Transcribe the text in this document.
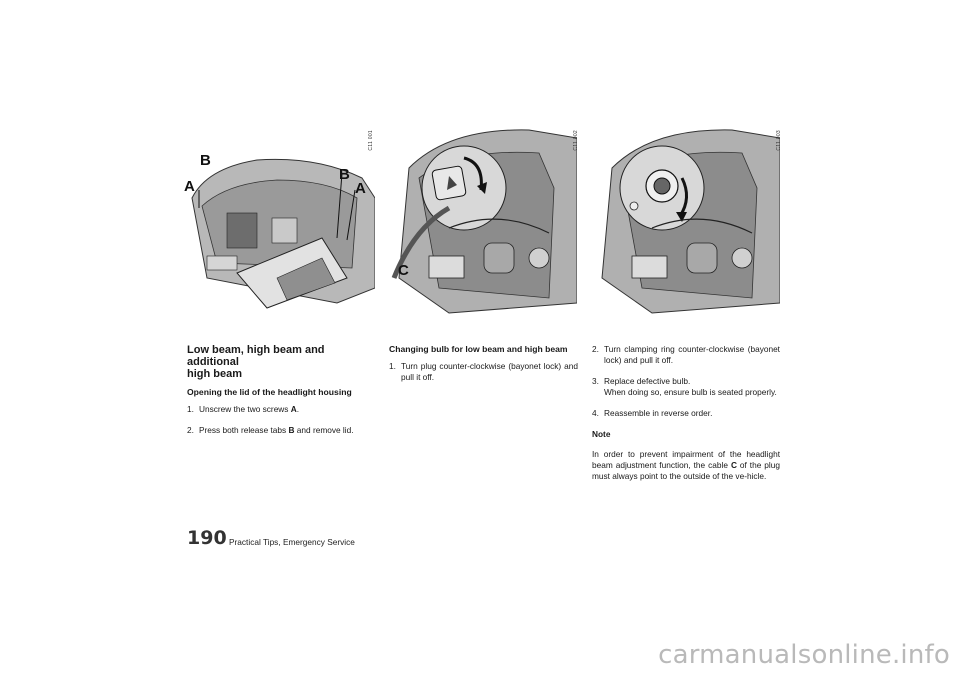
C11 001
B
A
B
A
C11 002
C
C11 003
Low beam, high beam and additional
high beam
Opening the lid of the headlight housing
1. Unscrew the two screws A.
2. Press both release tabs B and remove lid.
Changing bulb for low beam and high beam
1. Turn plug counter-clockwise (bayonet lock) and pull it off.
2. Turn clamping ring counter-clockwise (bayonet lock) and pull it off.
3. Replace defective bulb.
When doing so, ensure bulb is seated properly.
4. Reassemble in reverse order.

Note

In order to prevent impairment of the headlight beam adjustment function, the cable C of the plug must always point to the outside of the ve-hicle.

190 Practical Tips, Emergency Service
carmanualsonline.info
